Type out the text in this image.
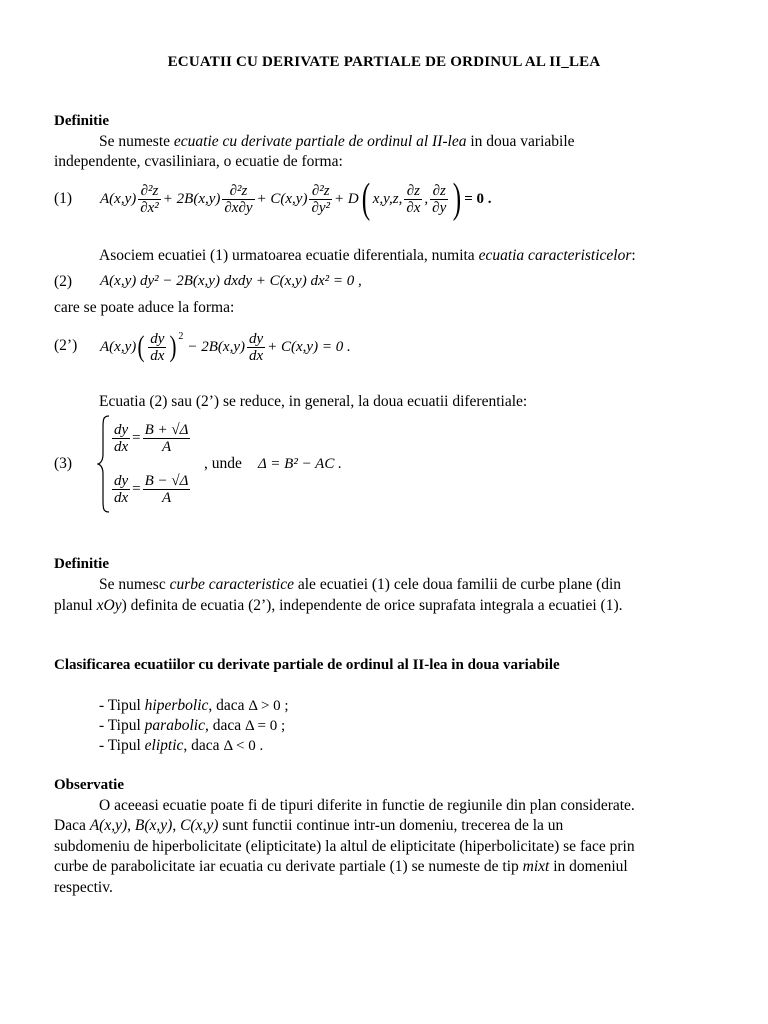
ECUATII CU DERIVATE PARTIALE DE ORDINUL AL II_LEA
Definitie
Se numeste ecuatie cu derivate partiale de ordinul al II-lea in doua variabile
independente, cvasiliniara, o ecuatie de forma:
(1) $A(x,y) \frac{\text{∂²z}}{\text{∂x²}} + 2B(x,y) \frac{\text{∂²z}}{\partial x\partial y} + C(x,y) \frac{\text{∂²z}}{\text{∂y²}} + D$ ( x,y,z, $\frac{\partial z}{\partial x}$ , $\frac{\partial z}{\partial y}$ ) = 0 .
Asociem ecuatiei (1) urmatoarea ecuatie diferentiala, numita ecuatia caracteristicelor:
(2) A(x,y) dy² − 2B(x,y) dxdy + C(x,y) dx² = 0 ,
care se poate aduce la forma:
(2’) A(x,y) ( $\frac{dy}{dx}$ ) 2
− $2B(x,y) \frac{dy}{dx} + C(x,y) = 0$ .
Ecuatia (2) sau (2’) se reduce, in general, la doua ecuatii diferentiale:
(3)
$\frac{dy}{dx} = \frac{B + √\Delta}{A}$
$\frac{dy}{dx} = \frac{B - √\Delta}{A}$
, unde Δ = B² − AC .
Definitie
Se numesc curbe caracteristice ale ecuatiei (1) cele doua familii de curbe plane (din
planul xOy) definita de ecuatia (2’), independente de orice suprafata integrala a ecuatiei (1).
Clasificarea ecuatiilor cu derivate partiale de ordinul al II-lea in doua variabile
- Tipul hiperbolic, daca Δ > 0 ;
- Tipul parabolic, daca Δ = 0 ;
- Tipul eliptic, daca Δ < 0 .
Observatie
O aceeasi ecuatie poate fi de tipuri diferite in functie de regiunile din plan considerate.
Daca A(x,y), B(x,y), C(x,y) sunt functii continue intr-un domeniu, trecerea de la un
subdomeniu de hiperbolicitate (elipticitate) la altul de elipticitate (hiperbolicitate) se face prin
curbe de parabolicitate iar ecuatia cu derivate partiale (1) se numeste de tip mixt in domeniul
respectiv.
